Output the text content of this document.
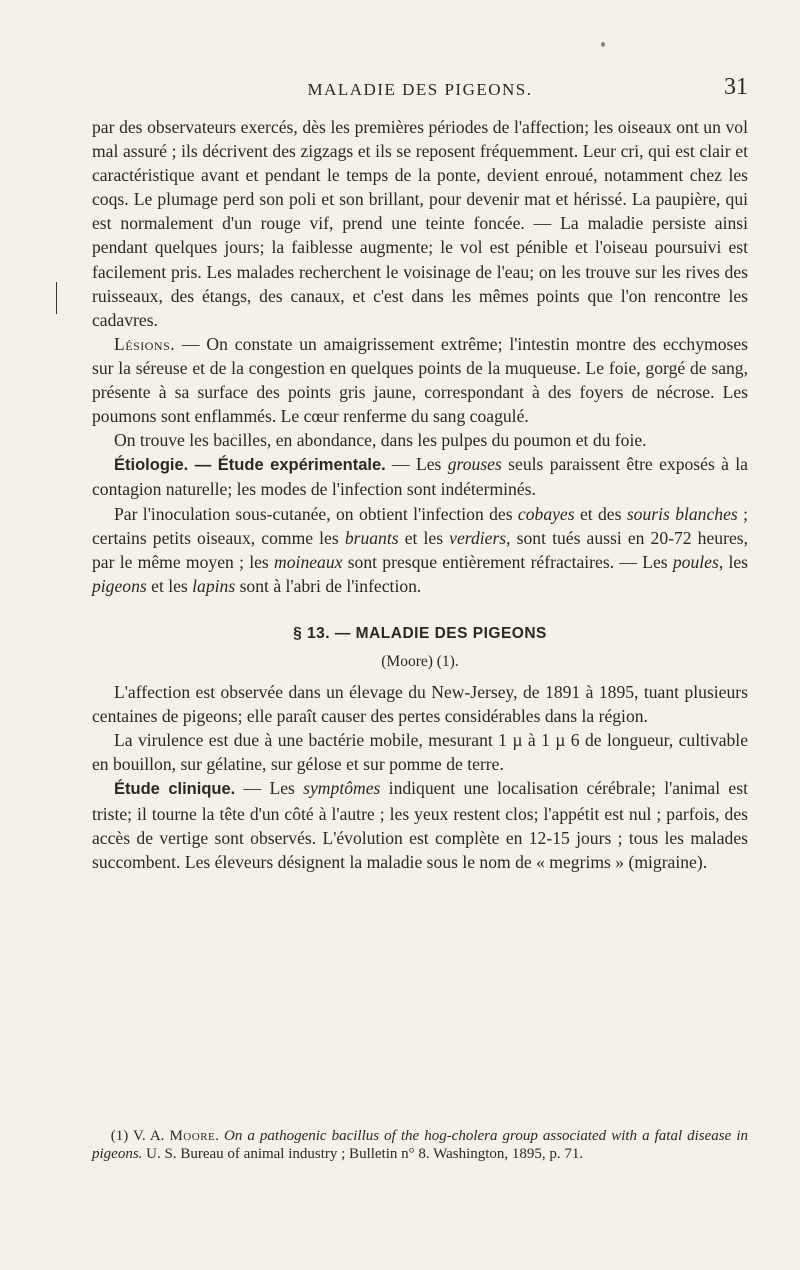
MALADIE DES PIGEONS.	31

par des observateurs exercés, dès les premières périodes de l'affection; les oiseaux ont un vol mal assuré ; ils décrivent des zigzags et ils se reposent fréquemment. Leur cri, qui est clair et caractéristique avant et pendant le temps de la ponte, devient enroué, notamment chez les coqs. Le plumage perd son poli et son brillant, pour devenir mat et hérissé. La paupière, qui est normalement d'un rouge vif, prend une teinte foncée. — La maladie persiste ainsi pendant quelques jours; la faiblesse augmente; le vol est pénible et l'oiseau poursuivi est facilement pris. Les malades recherchent le voisinage de l'eau; on les trouve sur les rives des ruisseaux, des étangs, des canaux, et c'est dans les mêmes points que l'on rencontre les cadavres.

Lésions. — On constate un amaigrissement extrême; l'intestin montre des ecchymoses sur la séreuse et de la congestion en quelques points de la muqueuse. Le foie, gorgé de sang, présente à sa surface des points gris jaune, correspondant à des foyers de nécrose. Les poumons sont enflammés. Le cœur renferme du sang coagulé.

On trouve les bacilles, en abondance, dans les pulpes du poumon et du foie.

Étiologie. — Étude expérimentale. — Les grouses seuls paraissent être exposés à la contagion naturelle; les modes de l'infection sont indéterminés.

Par l'inoculation sous-cutanée, on obtient l'infection des cobayes et des souris blanches ; certains petits oiseaux, comme les bruants et les verdiers, sont tués aussi en 20-72 heures, par le même moyen ; les moineaux sont presque entièrement réfractaires. — Les poules, les pigeons et les lapins sont à l'abri de l'infection.

§ 13. — MALADIE DES PIGEONS

(Moore) (1).

L'affection est observée dans un élevage du New-Jersey, de 1891 à 1895, tuant plusieurs centaines de pigeons; elle paraît causer des pertes considérables dans la région.

La virulence est due à une bactérie mobile, mesurant 1 µ à 1 µ 6 de longueur, cultivable en bouillon, sur gélatine, sur gélose et sur pomme de terre.

Étude clinique. — Les symptômes indiquent une localisation cérébrale; l'animal est triste; il tourne la tête d'un côté à l'autre ; les yeux restent clos; l'appétit est nul ; parfois, des accès de vertige sont observés. L'évolution est complète en 12-15 jours ; tous les malades succombent. Les éleveurs désignent la maladie sous le nom de « megrims » (migraine).

(1) V. A. Moore. On a pathogenic bacillus of the hog-cholera group associated with a fatal disease in pigeons. U. S. Bureau of animal industry ; Bulletin n° 8. Washington, 1895, p. 71.
